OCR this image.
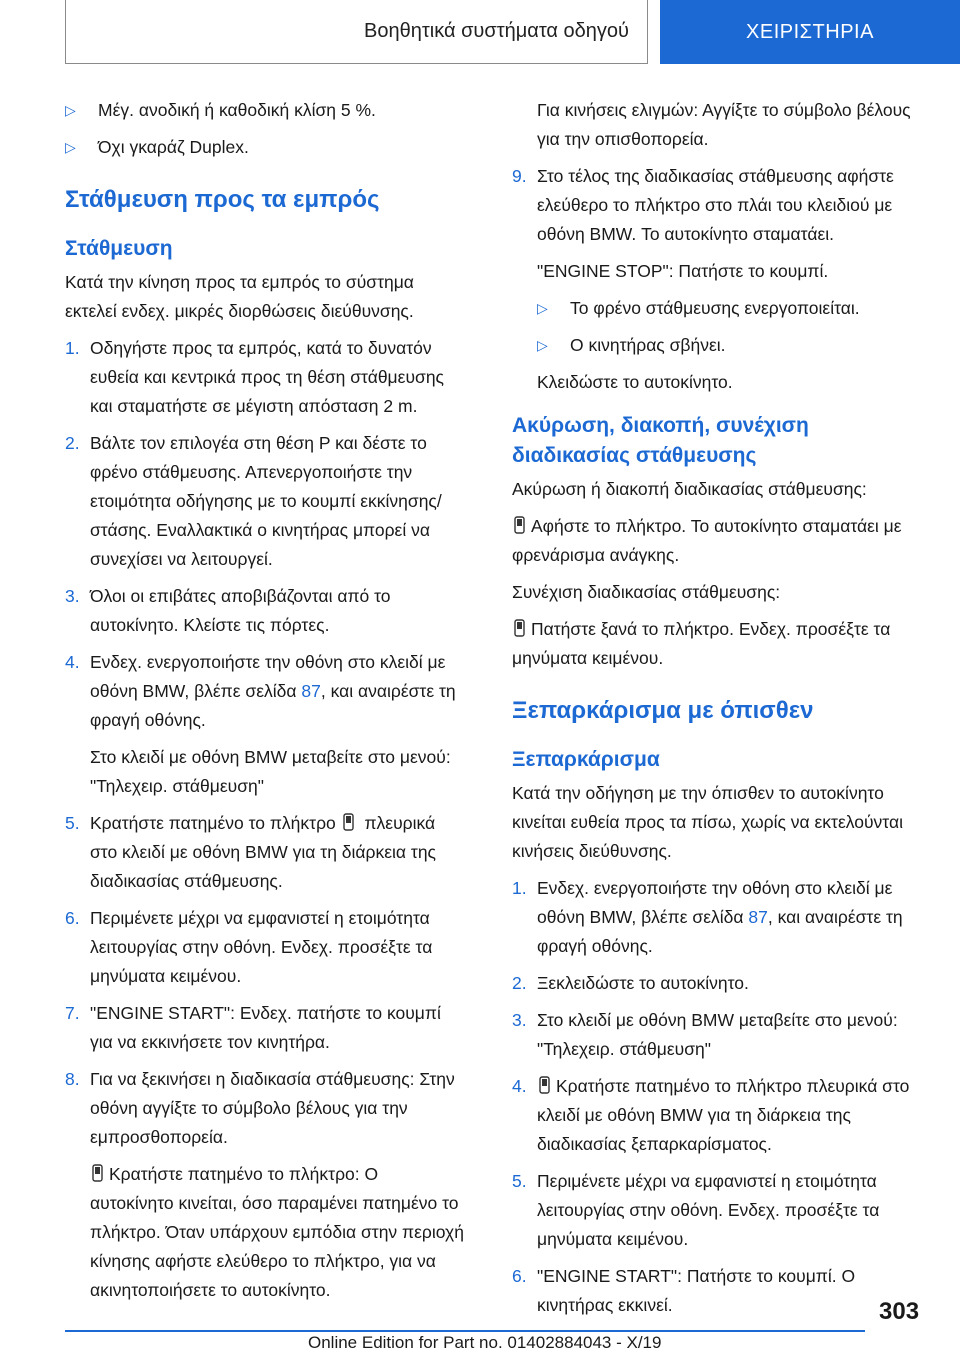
Βοηθητικά συστήματα οδηγού	ΧΕΙΡΙΣΤΗΡΙΑ
▷ Μέγ. ανοδική ή καθοδική κλίση 5 %.
▷ Όχι γκαράζ Duplex.
Στάθμευση προς τα εμπρός
Στάθμευση
Κατά την κίνηση προς τα εμπρός το σύστημα εκτελεί ενδεχ. μικρές διορθώσεις διεύθυνσης.
1. Οδηγήστε προς τα εμπρός, κατά το δυνατόν ευθεία και κεντρικά προς τη θέση στάθμευσης και σταματήστε σε μέγιστη απόσταση 2 m.
2. Βάλτε τον επιλογέα στη θέση P και δέστε το φρένο στάθμευσης. Απενεργοποιήστε την ετοιμότητα οδήγησης με το κουμπί εκκίνησης/στάσης. Εναλλακτικά ο κινητήρας μπορεί να συνεχίσει να λειτουργεί.
3. Όλοι οι επιβάτες αποβιβάζονται από το αυτοκίνητο. Κλείστε τις πόρτες.
4. Ενδεχ. ενεργοποιήστε την οθόνη στο κλειδί με οθόνη BMW, βλέπε σελίδα 87, και αναιρέστε τη φραγή οθόνης.
Στο κλειδί με οθόνη BMW μεταβείτε στο μενού: "Τηλεχειρ. στάθμευση"
5. Κρατήστε πατημένο το πλήκτρο  πλευρικά στο κλειδί με οθόνη BMW για τη διάρκεια της διαδικασίας στάθμευσης.
6. Περιμένετε μέχρι να εμφανιστεί η ετοιμότητα λειτουργίας στην οθόνη. Ενδεχ. προσέξτε τα μηνύματα κειμένου.
7. "ENGINE START": Ενδεχ. πατήστε το κουμπί για να εκκινήσετε τον κινητήρα.
8. Για να ξεκινήσει η διαδικασία στάθμευσης: Στην οθόνη αγγίξτε το σύμβολο βέλους για την εμπροσθοπορεία.
Κρατήστε πατημένο το πλήκτρο: Ο αυτοκίνητο κινείται, όσο παραμένει πατημένο το πλήκτρο. Όταν υπάρχουν εμπόδια στην περιοχή κίνησης αφήστε ελεύθερο το πλήκτρο, για να ακινητοποιήσετε το αυτοκίνητο.
Για κινήσεις ελιγμών: Αγγίξτε το σύμβολο βέλους για την οπισθοπορεία.
9. Στο τέλος της διαδικασίας στάθμευσης αφήστε ελεύθερο το πλήκτρο στο πλάι του κλειδιού με οθόνη BMW. Το αυτοκίνητο σταματάει.
"ENGINE STOP": Πατήστε το κουμπί.
▷ Το φρένο στάθμευσης ενεργοποιείται.
▷ Ο κινητήρας σβήνει.
Κλειδώστε το αυτοκίνητο.
Ακύρωση, διακοπή, συνέχιση διαδικασίας στάθμευσης
Ακύρωση ή διακοπή διαδικασίας στάθμευσης:
Αφήστε το πλήκτρο. Το αυτοκίνητο σταματάει με φρενάρισμα ανάγκης.
Συνέχιση διαδικασίας στάθμευσης:
Πατήστε ξανά το πλήκτρο. Ενδεχ. προσέξτε τα μηνύματα κειμένου.
Ξεπαρκάρισμα με όπισθεν
Ξεπαρκάρισμα
Κατά την οδήγηση με την όπισθεν το αυτοκίνητο κινείται ευθεία προς τα πίσω, χωρίς να εκτελούνται κινήσεις διεύθυνσης.
1. Ενδεχ. ενεργοποιήστε την οθόνη στο κλειδί με οθόνη BMW, βλέπε σελίδα 87, και αναιρέστε τη φραγή οθόνης.
2. Ξεκλειδώστε το αυτοκίνητο.
3. Στο κλειδί με οθόνη BMW μεταβείτε στο μενού: "Τηλεχειρ. στάθμευση"
4. Κρατήστε πατημένο το πλήκτρο πλευρικά στο κλειδί με οθόνη BMW για τη διάρκεια της διαδικασίας ξεπαρκαρίσματος.
5. Περιμένετε μέχρι να εμφανιστεί η ετοιμότητα λειτουργίας στην οθόνη. Ενδεχ. προσέξτε τα μηνύματα κειμένου.
6. "ENGINE START": Πατήστε το κουμπί. Ο κινητήρας εκκινεί.	303
Online Edition for Part no. 01402884043 - X/19
